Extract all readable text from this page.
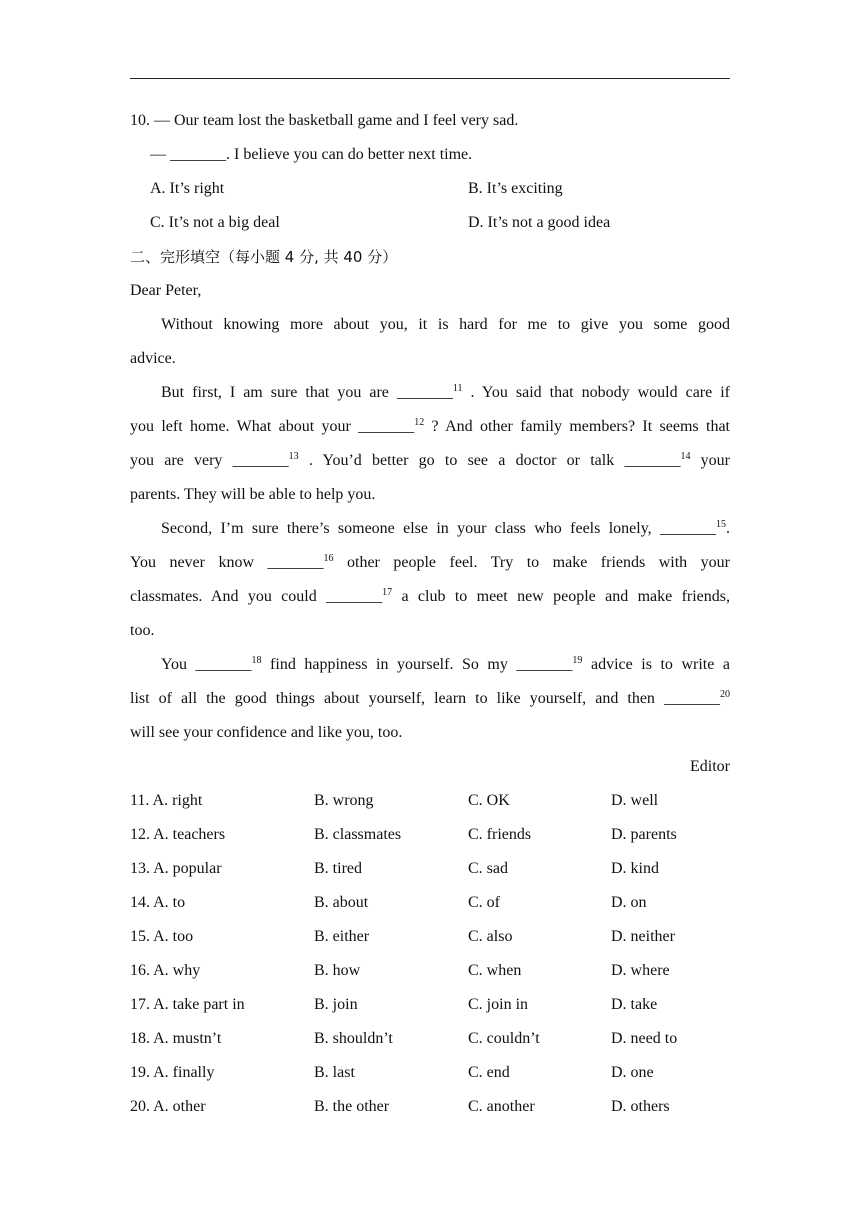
10. — Our team lost the basketball game and I feel very sad.
— _______. I believe you can do better next time.
A. It’s right	B. It’s exciting
C. It’s not a big deal	D. It’s not a good idea
二、完形填空（每小题 4 分, 共 40 分）
Dear Peter,
Without knowing more about you, it is hard for me to give you some good
advice.
But first, I am sure that you are _______$^{11}$ . You said that nobody would care if
you left home. What about your _______$^{12}$ ? And other family members? It seems that
you are very _______$^{13}$ . You’d better go to see a doctor or talk _______$^{14}$ your
parents. They will be able to help you.
Second, I’m sure there’s someone else in your class who feels lonely, _______$^{15}$.
You never know _______$^{16}$ other people feel. Try to make friends with your
classmates. And you could _______$^{17}$ a club to meet new people and make friends,
too.
You _______$^{18}$ find happiness in yourself. So my _______$^{19}$ advice is to write a
list of all the good things about yourself, learn to like yourself, and then _______$^{20}$
will see your confidence and like you, too.
Editor
11. A. right	B. wrong	C. OK	D. well
12. A. teachers	B. classmates	C. friends	D. parents
13. A. popular	B. tired	C. sad	D. kind
14. A. to	B. about	C. of	D. on
15. A. too	B. either	C. also	D. neither
16. A. why	B. how	C. when	D. where
17. A. take part in	B. join	C. join in	D. take
18. A. mustn’t	B. shouldn’t	C. couldn’t	D. need to
19. A. finally	B. last	C. end	D. one
20. A. other	B. the other	C. another	D. others
